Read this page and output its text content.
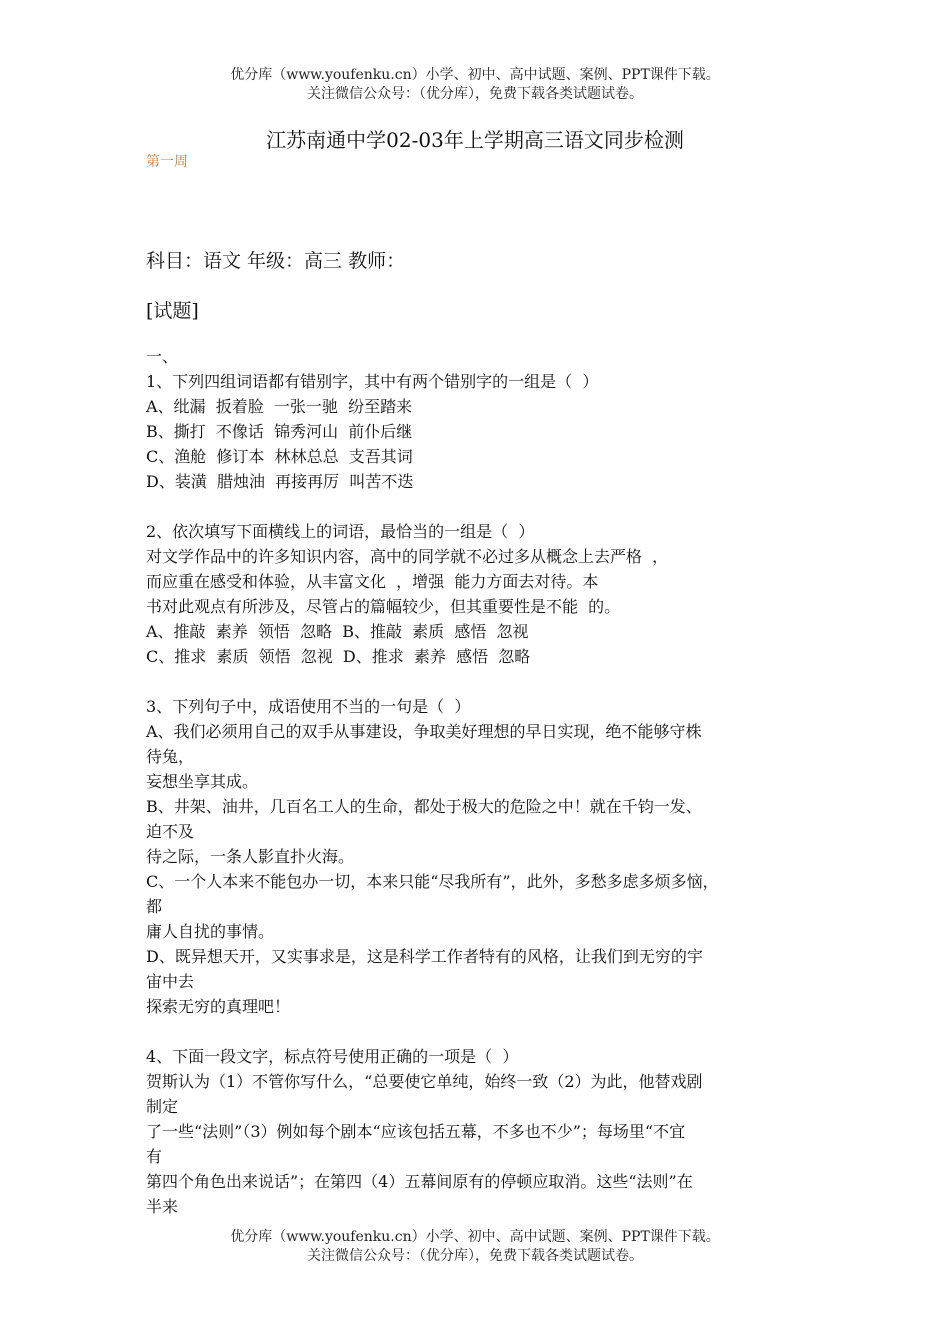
优分库（www.youfenku.cn）小学、初中、高中试题、案例、PPT课件下载。
关注微信公众号：（优分库），免费下载各类试题试卷。
江苏南通中学02-03年上学期高三语文同步检测
第一周
科目：语文 年级：高三 教师：
[试题]
一、
1、下列四组词语都有错别字，其中有两个错别字的一组是（  ）
A、纰漏  扳着脸  一张一驰  纷至踏来
B、撕打  不像话  锦秀河山  前仆后继
C、渔舱  修订本  林林总总  支吾其词
D、装潢  腊烛油  再接再厉  叫苦不迭
2、依次填写下面横线上的词语，最恰当的一组是（  ）
对文学作品中的许多知识内容，高中的同学就不必过多从概念上去严格  ，
而应重在感受和体验，从丰富文化  ，增强  能力方面去对待。本
书对此观点有所涉及，尽管占的篇幅较少，但其重要性是不能  的。
A、推敲  素养  领悟  忽略  B、推敲  素质  感悟  忽视
C、推求  素质  领悟  忽视  D、推求  素养  感悟  忽略
3、下列句子中，成语使用不当的一句是（  ）
A、我们必须用自己的双手从事建设，争取美好理想的早日实现，绝不能够守株
待兔，
妄想坐享其成。
B、井架、油井，几百名工人的生命，都处于极大的危险之中！就在千钧一发、
迫不及
待之际，一条人影直扑火海。
C、一个人本来不能包办一切，本来只能“尽我所有”，此外，多愁多虑多烦多恼，
都
庸人自扰的事情。
D、既异想天开，又实事求是，这是科学工作者特有的风格，让我们到无穷的宇
宙中去
探索无穷的真理吧！
4、下面一段文字，标点符号使用正确的一项是（  ）
贺斯认为（1）不管你写什么，“总要使它单纯，始终一致（2）为此，他替戏剧
制定
了一些“法则”（3）例如每个剧本“应该包括五幕，不多也不少”；每场里“不宜
有
第四个角色出来说话”；在第四（4）五幕间原有的停顿应取消。这些“法则”在
半来
优分库（www.youfenku.cn）小学、初中、高中试题、案例、PPT课件下载。
关注微信公众号：（优分库），免费下载各类试题试卷。
